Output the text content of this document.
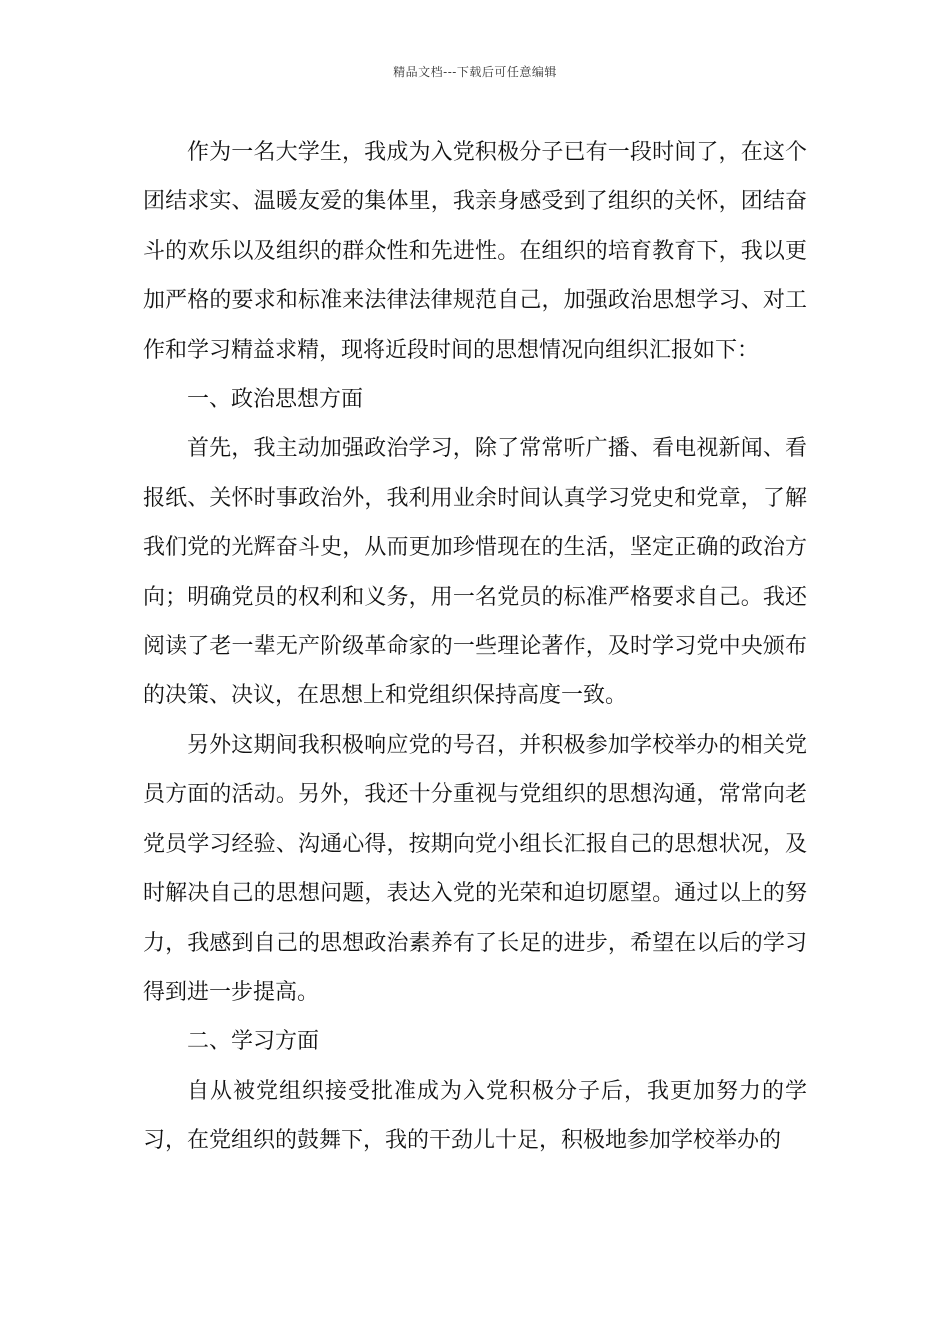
精品文档---下载后可任意编辑

作为一名大学生，我成为入党积极分子已有一段时间了，在这个团结求实、温暖友爱的集体里，我亲身感受到了组织的关怀，团结奋斗的欢乐以及组织的群众性和先进性。在组织的培育教育下，我以更加严格的要求和标准来法律法律规范自己，加强政治思想学习、对工作和学习精益求精，现将近段时间的思想情况向组织汇报如下：

一、政治思想方面

首先，我主动加强政治学习，除了常常听广播、看电视新闻、看报纸、关怀时事政治外，我利用业余时间认真学习党史和党章，了解我们党的光辉奋斗史，从而更加珍惜现在的生活，坚定正确的政治方向；明确党员的权利和义务，用一名党员的标准严格要求自己。我还阅读了老一辈无产阶级革命家的一些理论著作，及时学习党中央颁布的决策、决议，在思想上和党组织保持高度一致。

另外这期间我积极响应党的号召，并积极参加学校举办的相关党员方面的活动。另外，我还十分重视与党组织的思想沟通，常常向老党员学习经验、沟通心得，按期向党小组长汇报自己的思想状况，及时解决自己的思想问题，表达入党的光荣和迫切愿望。通过以上的努力，我感到自己的思想政治素养有了长足的进步，希望在以后的学习得到进一步提高。

二、学习方面

自从被党组织接受批准成为入党积极分子后，我更加努力的学习，在党组织的鼓舞下，我的干劲儿十足，积极地参加学校举办的
